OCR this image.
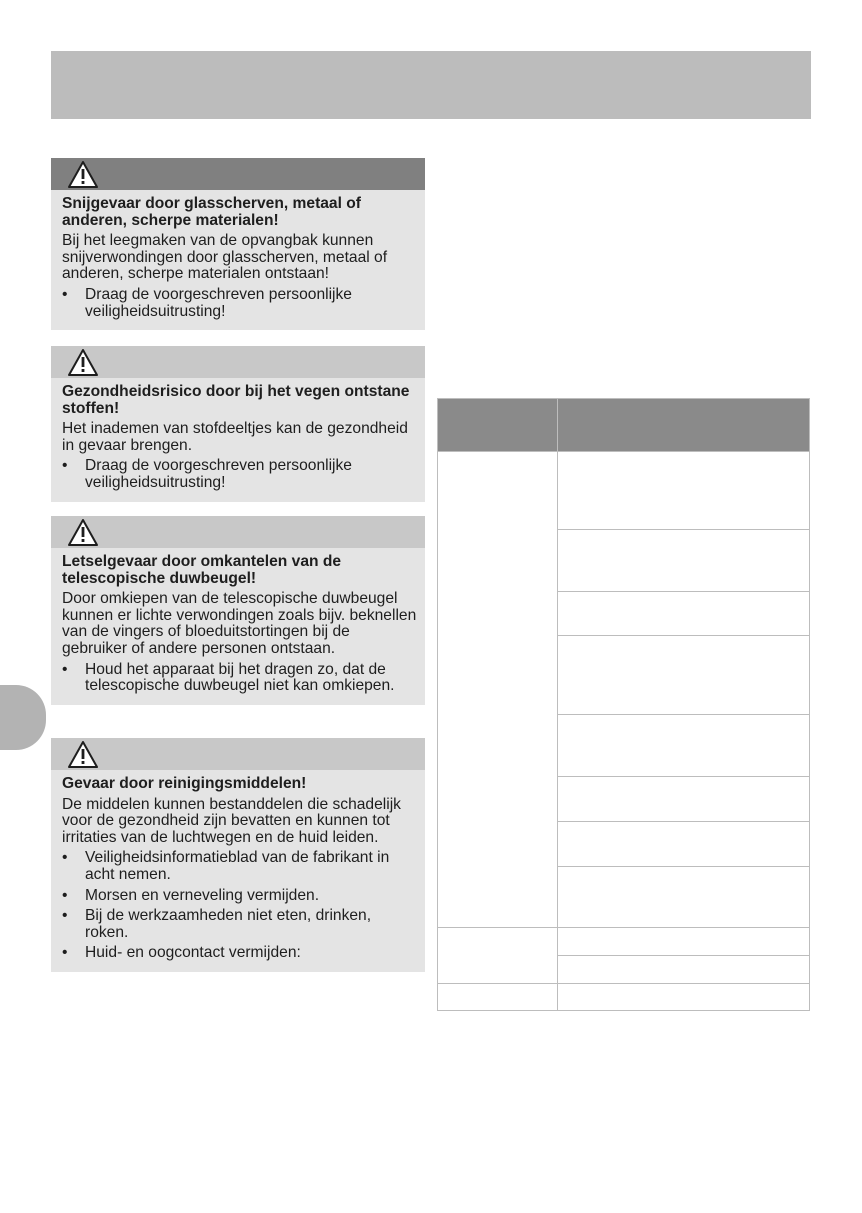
Snijgevaar door glasscherven, metaal of anderen, scherpe materialen!
Bij het leegmaken van de opvangbak kunnen snijverwondingen door glasscherven, metaal of anderen, scherpe materialen ontstaan!
• Draag de voorgeschreven persoonlijke veiligheidsuitrusting!
Gezondheidsrisico door bij het vegen ontstane stoffen!
Het inademen van stofdeeltjes kan de gezondheid in gevaar brengen.
• Draag de voorgeschreven persoonlijke veiligheidsuitrusting!
Letselgevaar door omkantelen van de telescopische duwbeugel!
Door omkiepen van de telescopische duwbeugel kunnen er lichte verwondingen zoals bijv. beknellen van de vingers of bloeduitstortingen bij de gebruiker of andere personen ontstaan.
• Houd het apparaat bij het dragen zo, dat de telescopische duwbeugel niet kan omkiepen.
Gevaar door reinigingsmiddelen!
De middelen kunnen bestanddelen die schadelijk voor de gezondheid zijn bevatten en kunnen tot irritaties van de luchtwegen en de huid leiden.
• Veiligheidsinformatieblad van de fabrikant in acht nemen.
• Morsen en verneveling vermijden.
• Bij de werkzaamheden niet eten, drinken, roken.
• Huid- en oogcontact vermijden:
